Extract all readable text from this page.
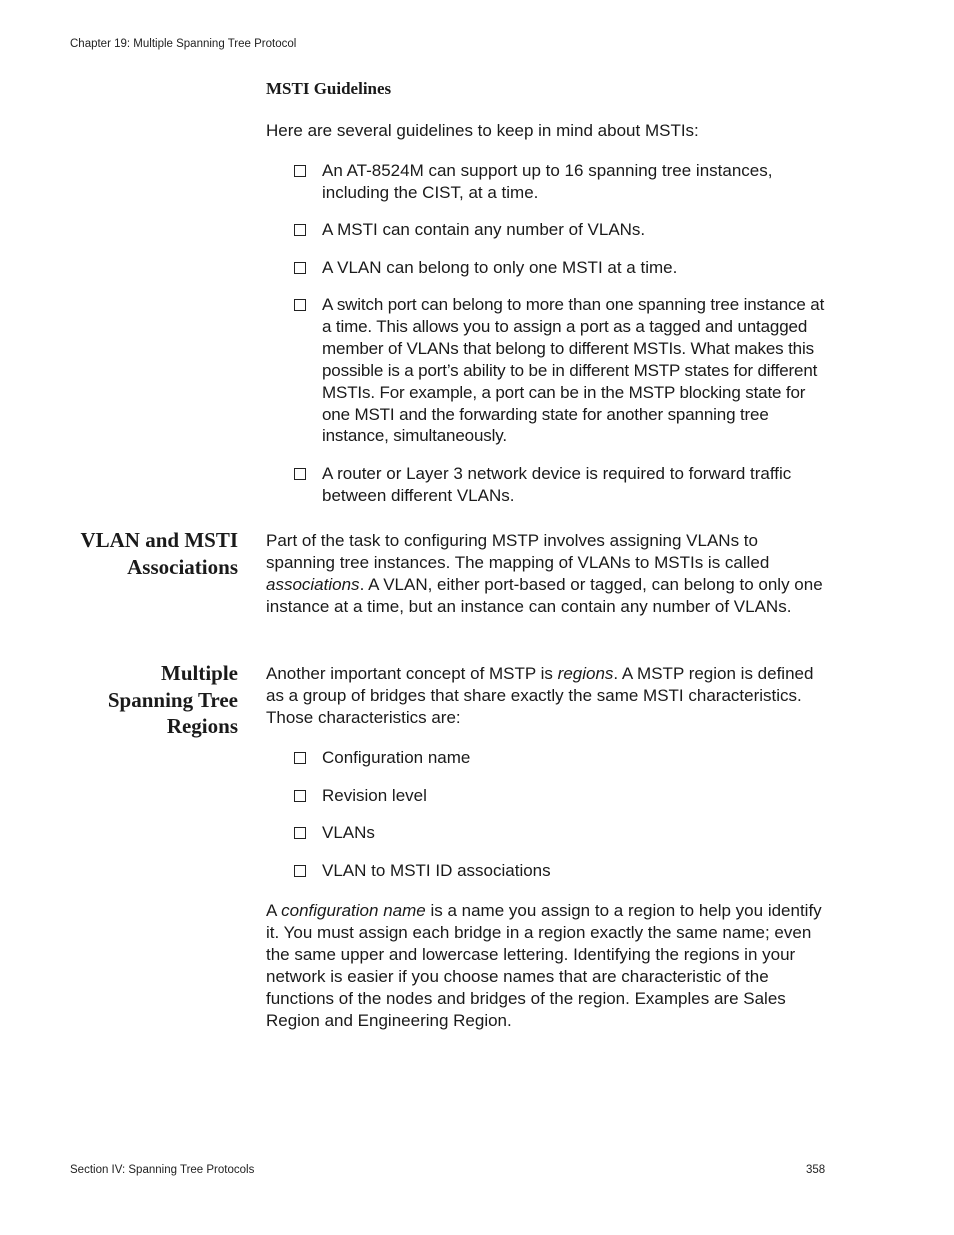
Chapter 19: Multiple Spanning Tree Protocol
MSTI Guidelines
Here are several guidelines to keep in mind about MSTIs:
An AT-8524M can support up to 16 spanning tree instances, including the CIST, at a time.
A MSTI can contain any number of VLANs.
A VLAN can belong to only one MSTI at a time.
A switch port can belong to more than one spanning tree instance at a time. This allows you to assign a port as a tagged and untagged member of VLANs that belong to different MSTIs. What makes this possible is a port’s ability to be in different MSTP states for different MSTIs. For example, a port can be in the MSTP blocking state for one MSTI and the forwarding state for another spanning tree instance, simultaneously.
A router or Layer 3 network device is required to forward traffic between different VLANs.
VLAN and MSTI
Associations
Part of the task to configuring MSTP involves assigning VLANs to spanning tree instances. The mapping of VLANs to MSTIs is called associations. A VLAN, either port-based or tagged, can belong to only one instance at a time, but an instance can contain any number of VLANs.
Multiple
Spanning Tree
Regions
Another important concept of MSTP is regions. A MSTP region is defined as a group of bridges that share exactly the same MSTI characteristics. Those characteristics are:
Configuration name
Revision level
VLANs
VLAN to MSTI ID associations
A configuration name is a name you assign to a region to help you identify it. You must assign each bridge in a region exactly the same name; even the same upper and lowercase lettering. Identifying the regions in your network is easier if you choose names that are characteristic of the functions of the nodes and bridges of the region. Examples are Sales Region and Engineering Region.
Section IV: Spanning Tree Protocols	358
